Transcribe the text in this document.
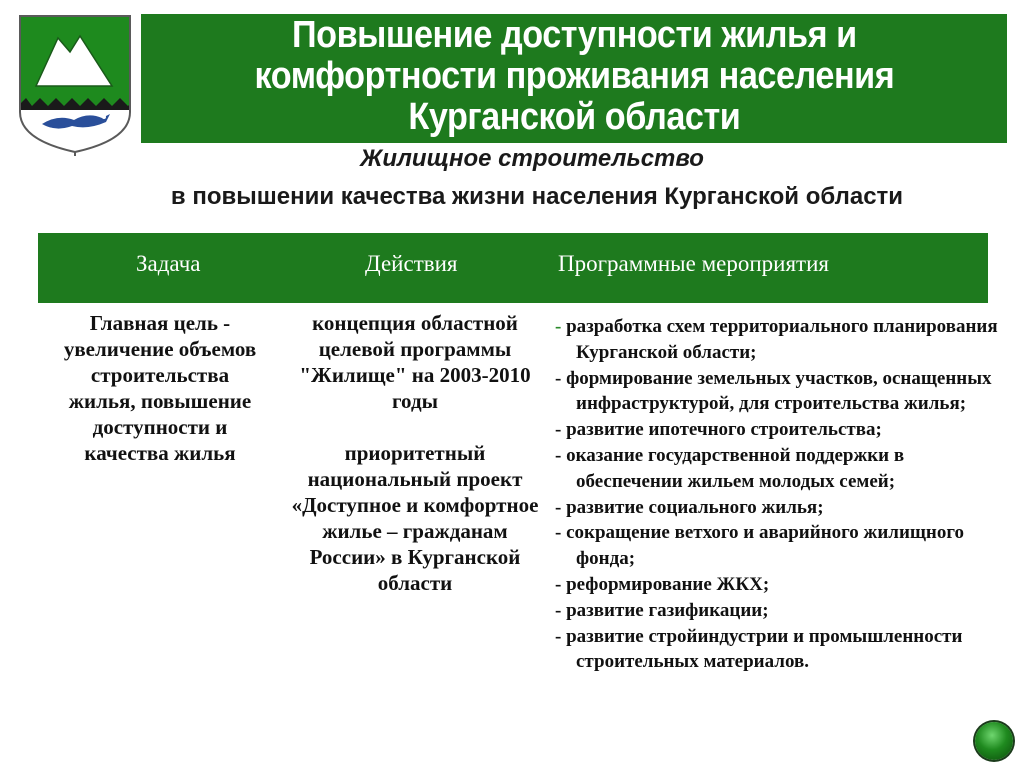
Повышение доступности жилья и
комфортности проживания населения
Курганской области
Жилищное строительство
в повышении качества жизни населения Курганской области
Задача	Действия	Программные мероприятия
Главная цель - увеличение объемов строительства жилья, повышение доступности и качества жилья

концепция областной целевой программы "Жилище" на 2003-2010 годы

приоритетный национальный проект «Доступное и комфортное жилье – гражданам России» в Курганской области

- разработка схем территориального планирования Курганской области;
- формирование земельных участков, оснащенных инфраструктурой, для строительства жилья;
- развитие ипотечного строительства;
- оказание государственной поддержки в обеспечении жильем молодых семей;
- развитие социального жилья;
- сокращение ветхого и аварийного жилищного фонда;
- реформирование ЖКХ;
- развитие газификации;
- развитие стройиндустрии и промышленности строительных материалов.
